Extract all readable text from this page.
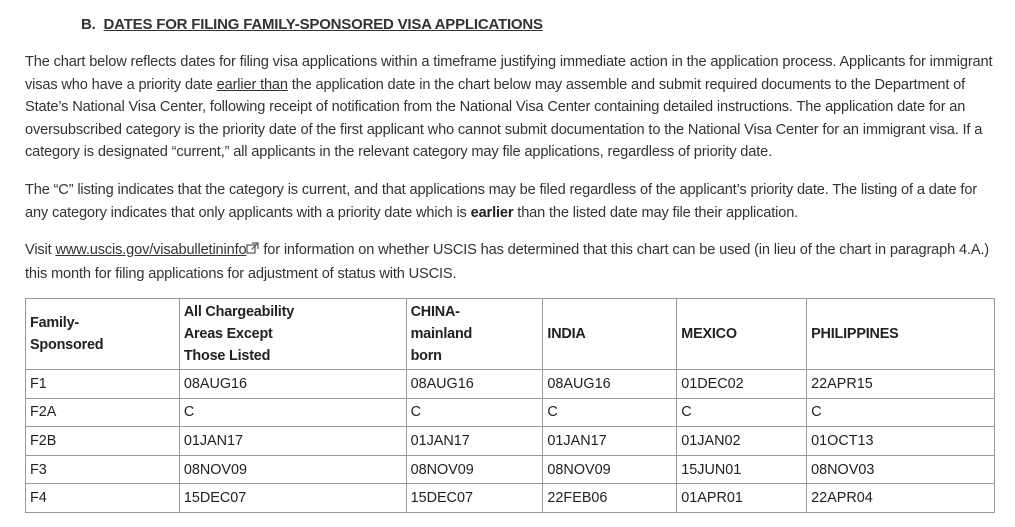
B. DATES FOR FILING FAMILY-SPONSORED VISA APPLICATIONS

The chart below reflects dates for filing visa applications within a timeframe justifying immediate action in the application process. Applicants for immigrant visas who have a priority date earlier than the application date in the chart below may assemble and submit required documents to the Department of State’s National Visa Center, following receipt of notification from the National Visa Center containing detailed instructions. The application date for an oversubscribed category is the priority date of the first applicant who cannot submit documentation to the National Visa Center for an immigrant visa. If a category is designated “current,” all applicants in the relevant category may file applications, regardless of priority date.

The “C” listing indicates that the category is current, and that applications may be filed regardless of the applicant’s priority date. The listing of a date for any category indicates that only applicants with a priority date which is earlier than the listed date may file their application.

Visit www.uscis.gov/visabulletininfo for information on whether USCIS has determined that this chart can be used (in lieu of the chart in paragraph 4.A.) this month for filing applications for adjustment of status with USCIS.

Family-
Sponsored	All Chargeability
Areas Except
Those Listed	CHINA-
mainland
born	INDIA	MEXICO	PHILIPPINES
F1	08AUG16	08AUG16	08AUG16	01DEC02	22APR15
F2A	C	C	C	C	C
F2B	01JAN17	01JAN17	01JAN17	01JAN02	01OCT13
F3	08NOV09	08NOV09	08NOV09	15JUN01	08NOV03
F4	15DEC07	15DEC07	22FEB06	01APR01	22APR04
